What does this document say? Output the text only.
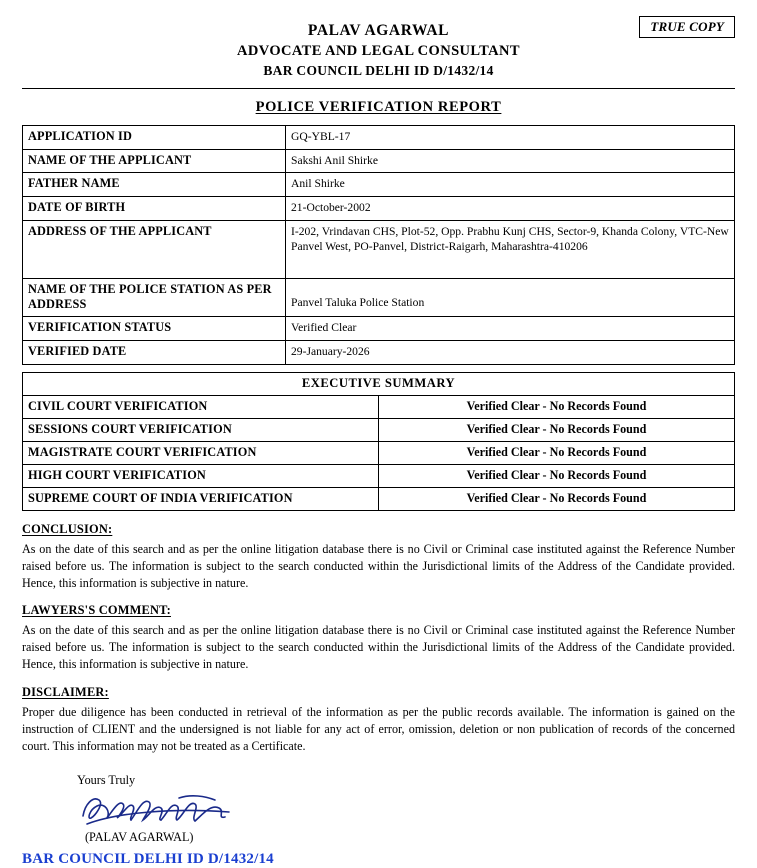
TRUE COPY
PALAV AGARWAL
ADVOCATE AND LEGAL CONSULTANT
BAR COUNCIL DELHI ID D/1432/14
POLICE VERIFICATION REPORT
APPLICATION ID	GQ-YBL-17
NAME OF THE APPLICANT	Sakshi Anil Shirke
FATHER NAME	Anil Shirke
DATE OF BIRTH	21-October-2002
ADDRESS OF THE APPLICANT	I-202, Vrindavan CHS, Plot-52, Opp. Prabhu Kunj CHS, Sector-9, Khanda Colony, VTC-New Panvel West, PO-Panvel, District-Raigarh, Maharashtra-410206
NAME OF THE POLICE STATION AS PER ADDRESS	Panvel Taluka Police Station
VERIFICATION STATUS	Verified Clear
VERIFIED DATE	29-January-2026
EXECUTIVE SUMMARY	
CIVIL COURT VERIFICATION	Verified Clear - No Records Found
SESSIONS COURT VERIFICATION	Verified Clear - No Records Found
MAGISTRATE COURT VERIFICATION	Verified Clear - No Records Found
HIGH COURT VERIFICATION	Verified Clear - No Records Found
SUPREME COURT OF INDIA VERIFICATION	Verified Clear - No Records Found
CONCLUSION:
As on the date of this search and as per the online litigation database there is no Civil or Criminal case instituted against the Reference Number raised before us. The information is subject to the search conducted within the Jurisdictional limits of the Address of the Candidate provided. Hence, this information is subjective in nature.
LAWYERS'S COMMENT:
As on the date of this search and as per the online litigation database there is no Civil or Criminal case instituted against the Reference Number raised before us. The information is subject to the search conducted within the Jurisdictional limits of the Address of the Candidate provided. Hence, this information is subjective in nature.
DISCLAIMER:
Proper due diligence has been conducted in retrieval of the information as per the public records available. The information is gained on the instruction of CLIENT and the undersigned is not liable for any act of error, omission, deletion or non publication of records of the concerned court. This information may not be treated as a Certificate.
Yours Truly
(PALAV AGARWAL)
BAR COUNCIL DELHI ID D/1432/14
